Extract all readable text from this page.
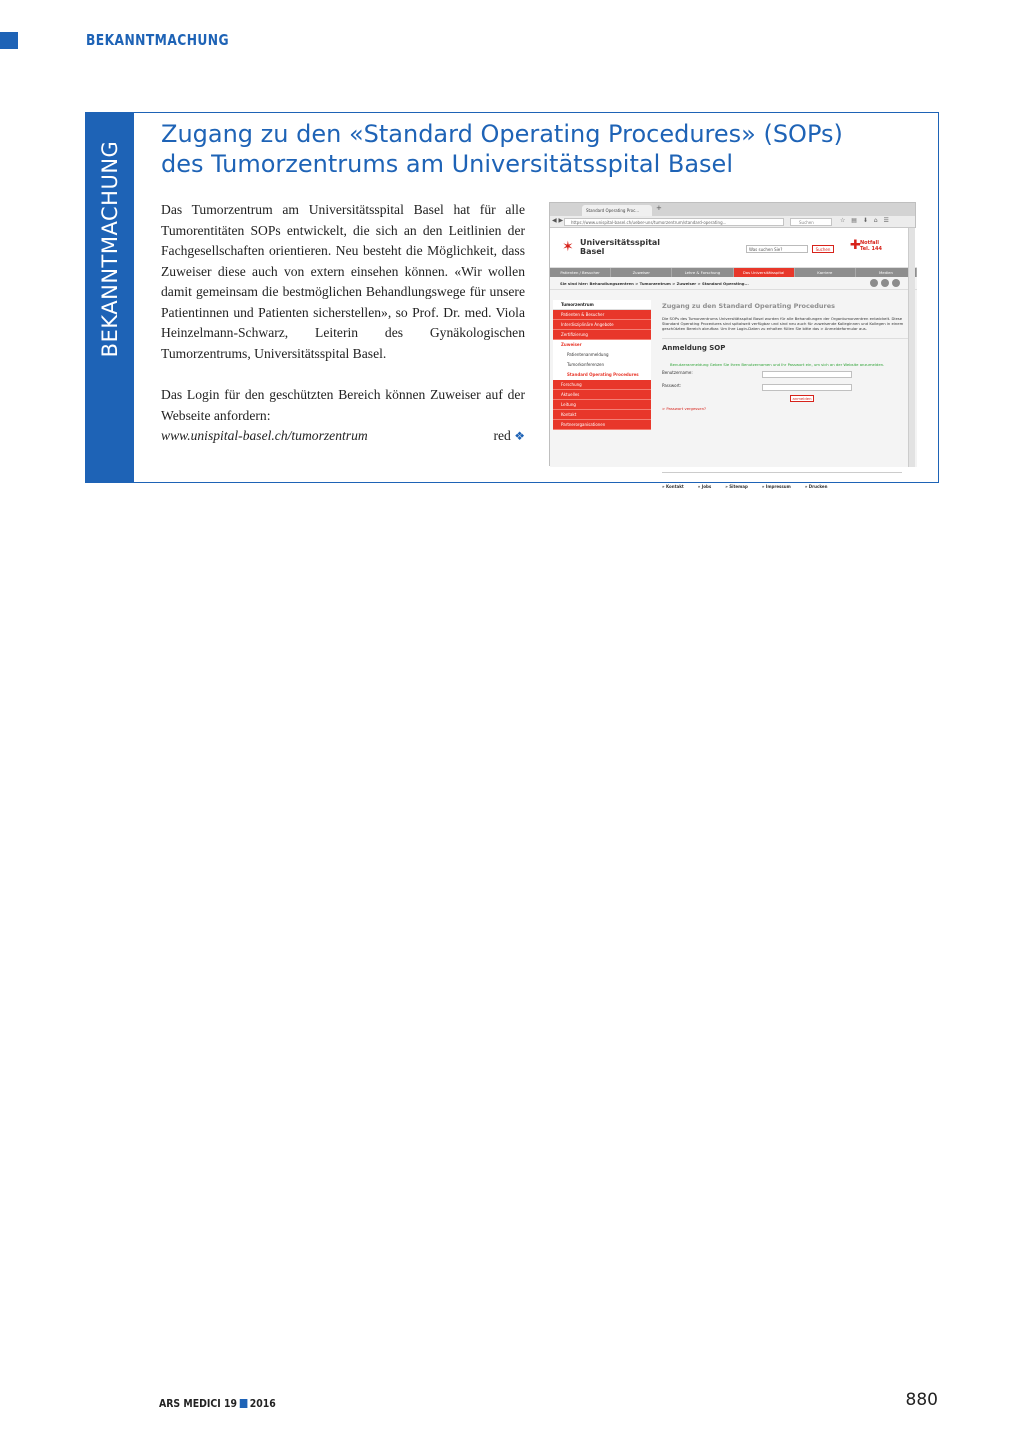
BEKANNTMACHUNG
BEKANNTMACHUNG
Zugang zu den «Standard Operating Procedures» (SOPs)
des Tumorzentrums am Universitätsspital Basel

Das Tumorzentrum am Universitätsspital Basel hat für alle Tumorentitäten SOPs entwickelt, die sich an den Leitlinien der Fachgesellschaften orientieren. Neu besteht die Möglichkeit, dass Zuweiser diese auch von extern einsehen können. «Wir wollen damit gemeinsam die bestmöglichen Behandlungswege für unsere Patientinnen und Patienten sicherstellen», so Prof. Dr. med. Viola Heinzelmann-Schwarz, Leiterin des Gynäkologischen Tumorzentrums, Universitätsspital Basel.

Das Login für den geschützten Bereich können Zuweiser auf der Webseite anfordern:

www.unispital-basel.ch/tumorzentrum	red ❖

Standard Operating Proc...	+
◀ ▶	https://www.unispital-basel.ch/ueber-uns/tumorzentrum/standard-operating...	Suchen	☆ ▤ ⬇ ⌂ ☰
✶ Universitätsspital
Basel	Was suchen Sie?	Suchen ✚ Notfall
Tel. 144
Patienten / Besucher	Zuweiser	Lehre & Forschung	Das Universitätsspital	Karriere	Medien
Sie sind hier: Behandlungszentren > Tumorzentrum > Zuweiser > Standard Operating...
Tumorzentrum
Patienten & Besucher
Interdisziplinäre Angebote
Zertifizierung
Zuweiser
Patientenanmeldung
Tumorkonferenzen
Standard Operating Procedures
Forschung
Aktuelles
Leitung
Kontakt
Partnerorganisationen
Zugang zu den Standard Operating Procedures
Die SOPs des Tumorzentrums Universitätsspital Basel wurden für alle Behandlungen der Organtumorzentren entwickelt. Diese Standard Operating Procedures sind spitalweit verfügbar und sind neu auch für zuweisende Kolleginnen und Kollegen in einem geschützten Bereich abrufbar. Um Ihre Login-Daten zu erhalten füllen Sie bitte das > Anmeldeformular aus.
Anmeldung SOP
Benutzeranmeldung Geben Sie Ihren Benutzernamen und Ihr Passwort ein, um sich an der Website anzumelden.
Benutzername:
Passwort:
anmelden
> Passwort vergessen?
» Kontakt	» Jobs	» Sitemap	» Impressum	» Drucken
ARS MEDICI 19 2016	880
